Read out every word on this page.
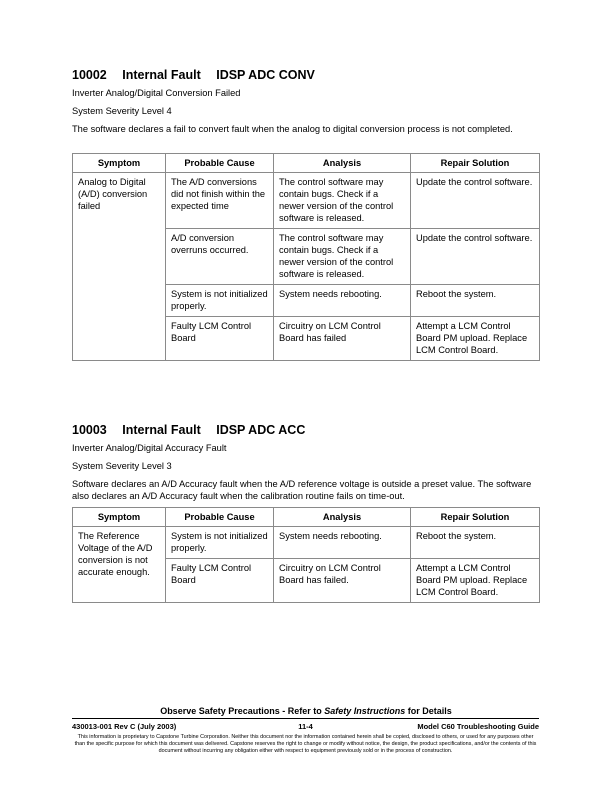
10002 Internal Fault IDSP ADC CONV

Inverter Analog/Digital Conversion Failed

System Severity Level 4

The software declares a fail to convert fault when the analog to digital conversion process is not completed.

Symptom	Probable Cause	Analysis	Repair Solution
Analog to Digital (A/D) conversion failed	The A/D conversions did not finish within the expected time	The control software may contain bugs. Check if a newer version of the control software is released.	Update the control software.
	A/D conversion overruns occurred.	The control software may contain bugs. Check if a newer version of the control software is released.	Update the control software.
	System is not initialized properly.	System needs rebooting.	Reboot the system.
	Faulty LCM Control Board	Circuitry on LCM Control Board has failed	Attempt a LCM Control Board PM upload. Replace LCM Control Board.
10003 Internal Fault IDSP ADC ACC

Inverter Analog/Digital Accuracy Fault

System Severity Level 3

Software declares an A/D Accuracy fault when the A/D reference voltage is outside a preset value. The software also declares an A/D Accuracy fault when the calibration routine fails on time-out.

Symptom	Probable Cause	Analysis	Repair Solution
The Reference Voltage of the A/D conversion is not accurate enough.	System is not initialized properly.	System needs rebooting.	Reboot the system.
	Faulty LCM Control Board	Circuitry on LCM Control Board has failed.	Attempt a LCM Control Board PM upload. Replace LCM Control Board.
Observe Safety Precautions - Refer to Safety Instructions for Details
430013-001 Rev C (July 2003)	11-4	Model C60 Troubleshooting Guide
This information is proprietary to Capstone Turbine Corporation. Neither this document nor the information contained herein shall be copied, disclosed to others, or used for any purposes other than the specific purpose for which this document was delivered. Capstone reserves the right to change or modify without notice, the design, the product specifications, and/or the contents of this document without incurring any obligation either with respect to equipment previously sold or in the process of construction.
